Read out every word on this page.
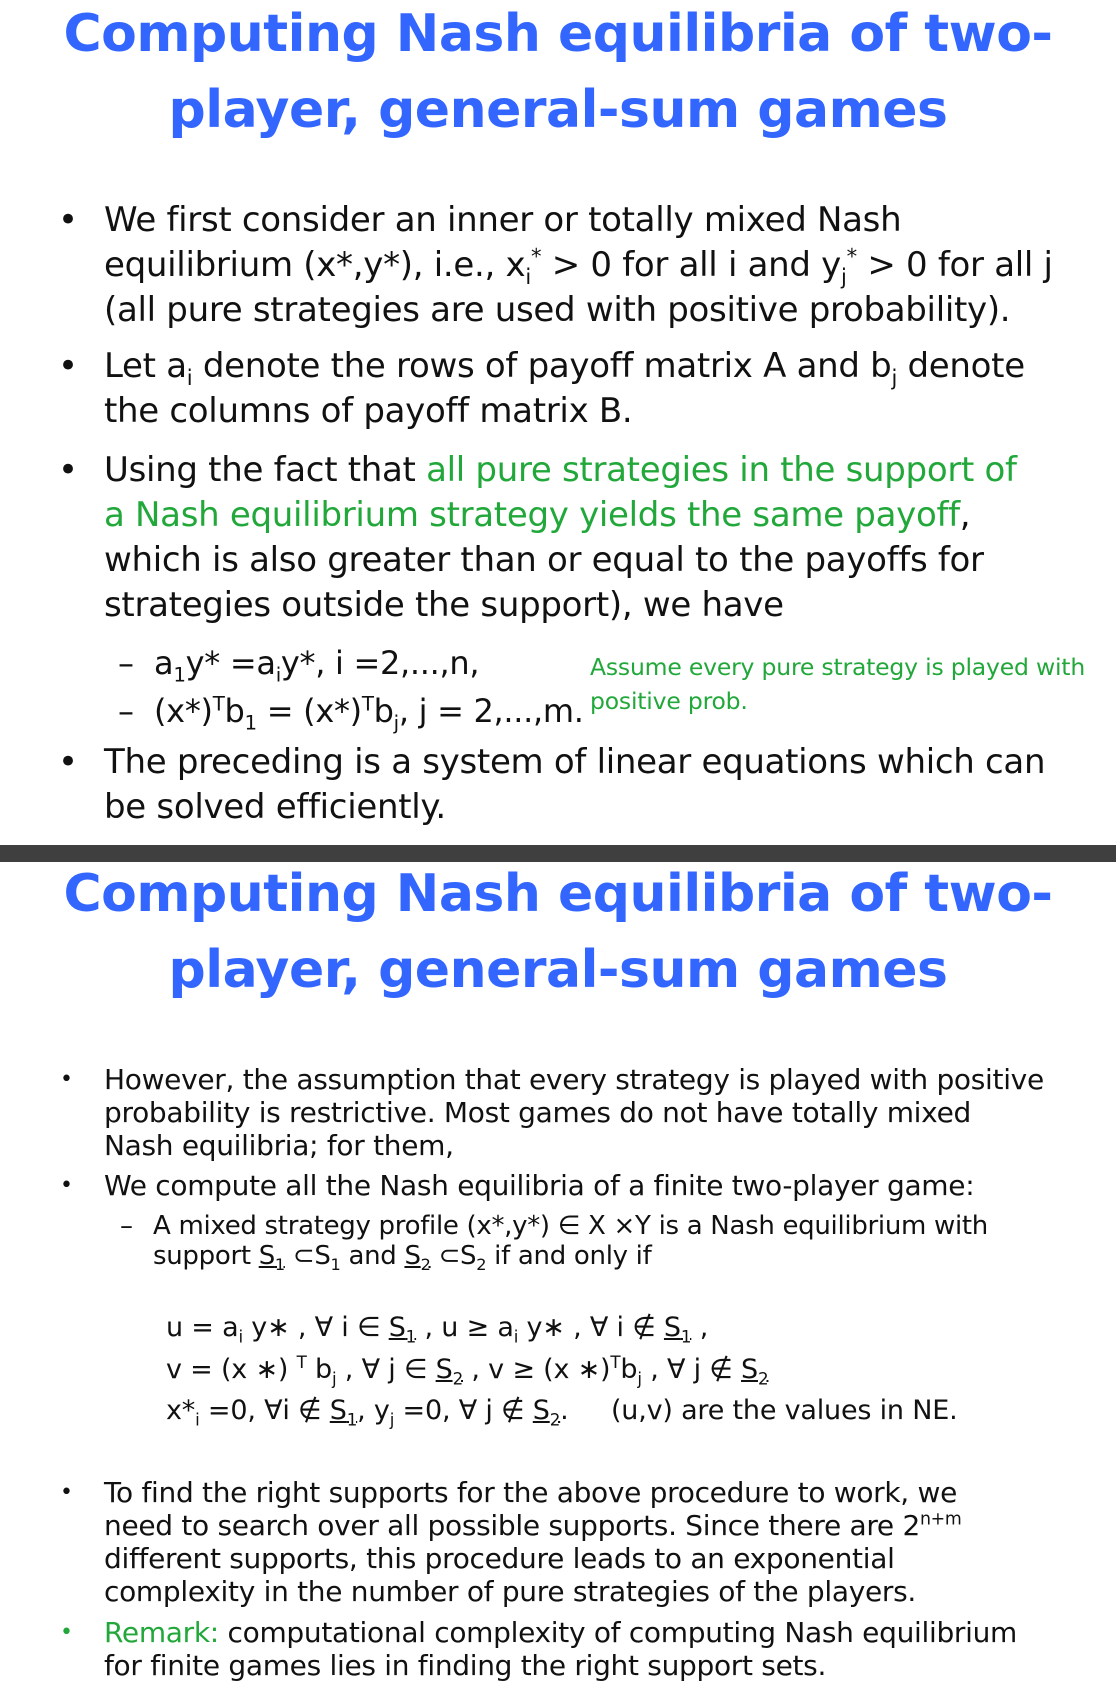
Computing Nash equilibria of two-
player, general-sum games
• We first consider an inner or totally mixed Nash
equilibrium (x*,y*), i.e., $x_i^* > 0$ for all i and $y_j^* > 0$ for all j
(all pure strategies are used with positive probability).
• Let $a_i$ denote the rows of payoff matrix A and $b_j$ denote
the columns of payoff matrix B.
• Using the fact that all pure strategies in the support of
a Nash equilibrium strategy yields the same payoff,
which is also greater than or equal to the payoffs for
strategies outside the support), we have
– $a_1y* =a_iy*$, i =2,...,n,
– $(x*)^Tb_1 = (x*)^Tb_j$, j = 2,...,m.
Assume every pure strategy is played with
positive prob.
• The preceding is a system of linear equations which can
be solved efficiently.
Computing Nash equilibria of two-
player, general-sum games
• However, the assumption that every strategy is played with positive
probability is restrictive. Most games do not have totally mixed
Nash equilibria; for them,
• We compute all the Nash equilibria of a finite two-player game:
– A mixed strategy profile (x*,y*) ∈ X ×Y is a Nash equilibrium with
support $S_1$ $\subset S_1$ and $S_2$ $\subset S_2$ if and only if
$u = a_i$ y∗ , ∀ i ∈ $S_1$ , $u \ge a_i$ y∗ , ∀ i ∉ $S_1$ ,
v = (x ∗) $^T$ $b_j$ , ∀ j ∈ $S_2$ , v ≥ (x $∗)^Tb_j$ , ∀ j ∉ $S_2$
$x*_i =0$, ∀i ∉ $S_1$, $y_j =0$, ∀ j ∉ $S_2$. (u,v) are the values in NE.
• To find the right supports for the above procedure to work, we
need to search over all possible supports. Since there are $2^{n+m}$
different supports, this procedure leads to an exponential
complexity in the number of pure strategies of the players.
• Remark: computational complexity of computing Nash equilibrium
for finite games lies in finding the right support sets.
